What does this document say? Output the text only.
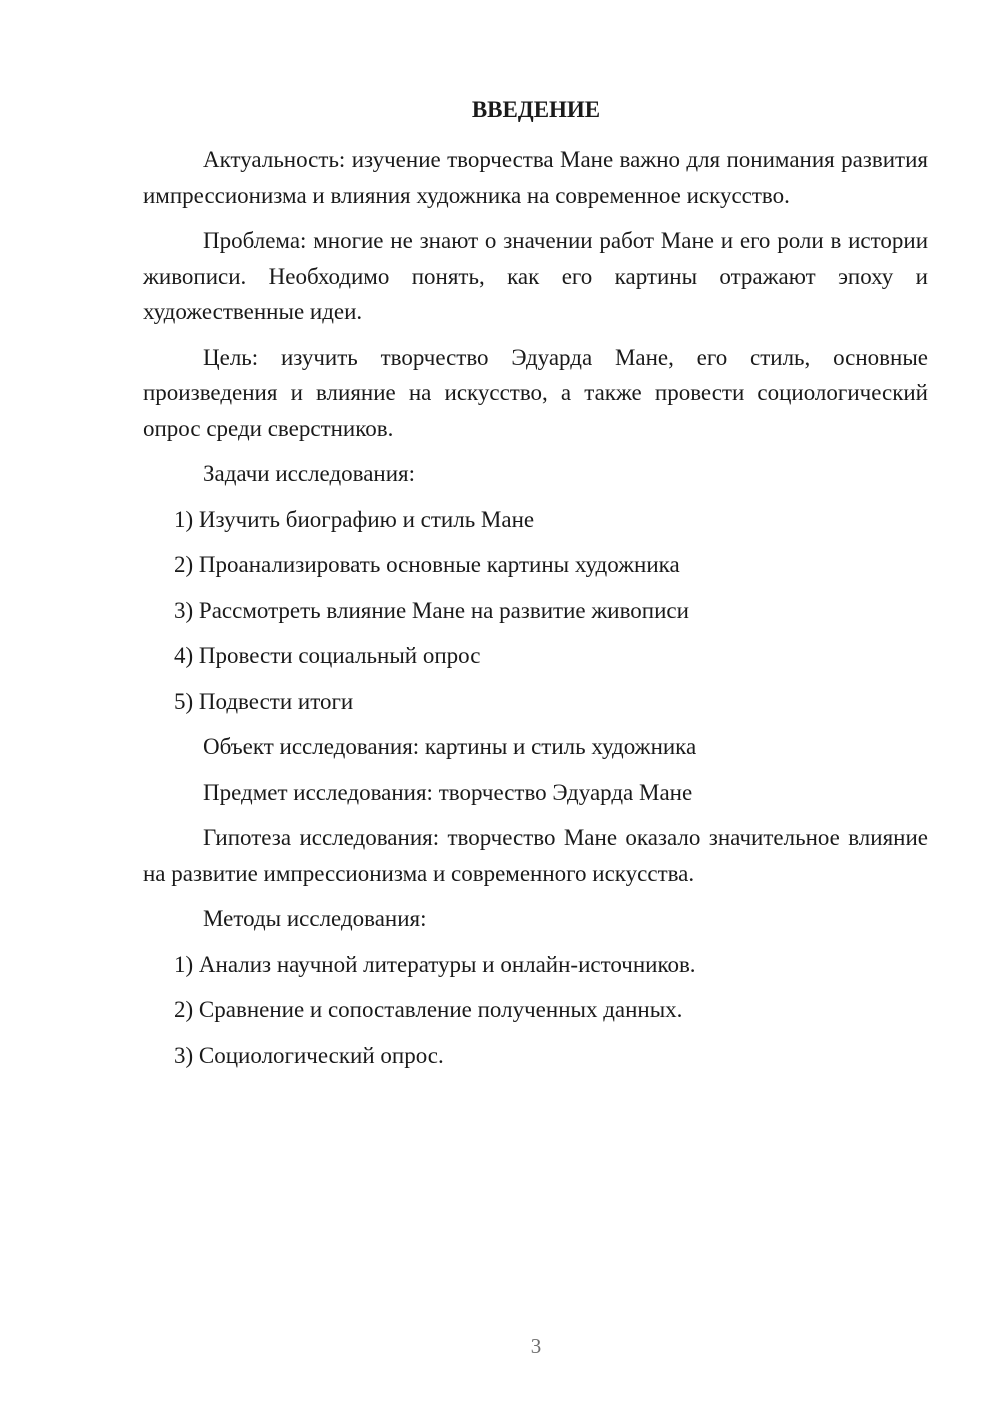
ВВЕДЕНИЕ

Актуальность: изучение творчества Мане важно для понимания развития импрессионизма и влияния художника на современное искусство.

Проблема: многие не знают о значении работ Мане и его роли в истории живописи. Необходимо понять, как его картины отражают эпоху и художественные идеи.

Цель: изучить творчество Эдуарда Мане, его стиль, основные произведения и влияние на искусство, а также провести социологический опрос среди сверстников.

Задачи исследования:
1) Изучить биографию и стиль Мане
2) Проанализировать основные картины художника
3) Рассмотреть влияние Мане на развитие живописи
4) Провести социальный опрос
5) Подвести итоги
Объект исследования: картины и стиль художника
Предмет исследования: творчество Эдуарда Мане

Гипотеза исследования: творчество Мане оказало значительное влияние на развитие импрессионизма и современного искусства.

Методы исследования:
1) Анализ научной литературы и онлайн-источников.
2) Сравнение и сопоставление полученных данных.
3) Социологический опрос.
3
